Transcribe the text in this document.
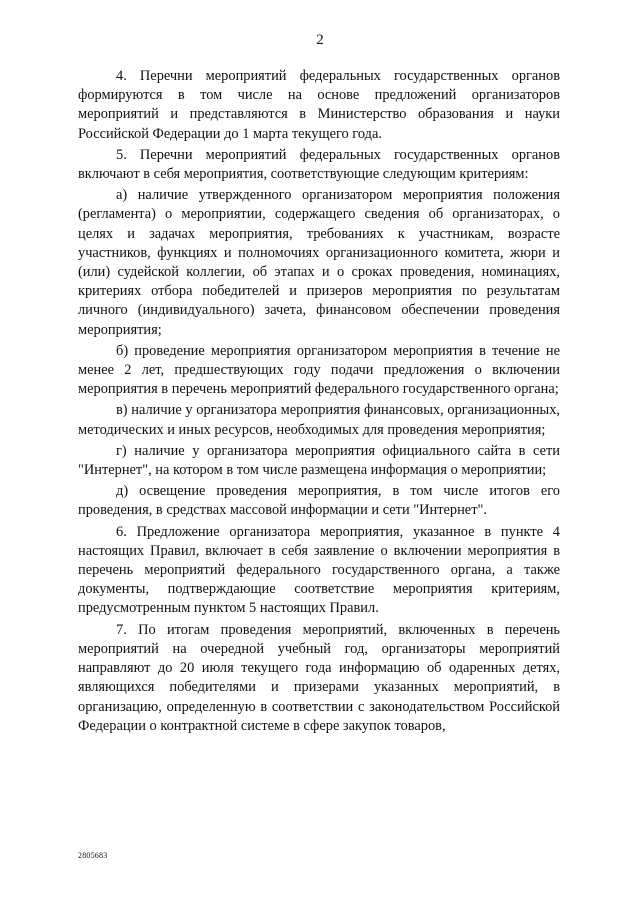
2

4. Перечни мероприятий федеральных государственных органов формируются в том числе на основе предложений организаторов мероприятий и представляются в Министерство образования и науки Российской Федерации до 1 марта текущего года.

5. Перечни мероприятий федеральных государственных органов включают в себя мероприятия, соответствующие следующим критериям:

а) наличие утвержденного организатором мероприятия положения (регламента) о мероприятии, содержащего сведения об организаторах, о целях и задачах мероприятия, требованиях к участникам, возрасте участников, функциях и полномочиях организационного комитета, жюри и (или) судейской коллегии, об этапах и о сроках проведения, номинациях, критериях отбора победителей и призеров мероприятия по результатам личного (индивидуального) зачета, финансовом обеспечении проведения мероприятия;

б) проведение мероприятия организатором мероприятия в течение не менее 2 лет, предшествующих году подачи предложения о включении мероприятия в перечень мероприятий федерального государственного органа;

в) наличие у организатора мероприятия финансовых, организационных, методических и иных ресурсов, необходимых для проведения мероприятия;

г) наличие у организатора мероприятия официального сайта в сети "Интернет", на котором в том числе размещена информация о мероприятии;

д) освещение проведения мероприятия, в том числе итогов его проведения, в средствах массовой информации и сети "Интернет".

6. Предложение организатора мероприятия, указанное в пункте 4 настоящих Правил, включает в себя заявление о включении мероприятия в перечень мероприятий федерального государственного органа, а также документы, подтверждающие соответствие мероприятия критериям, предусмотренным пунктом 5 настоящих Правил.

7. По итогам проведения мероприятий, включенных в перечень мероприятий на очередной учебный год, организаторы мероприятий направляют до 20 июля текущего года информацию об одаренных детях, являющихся победителями и призерами указанных мероприятий, в организацию, определенную в соответствии с законодательством Российской Федерации о контрактной системе в сфере закупок товаров,

2805683
